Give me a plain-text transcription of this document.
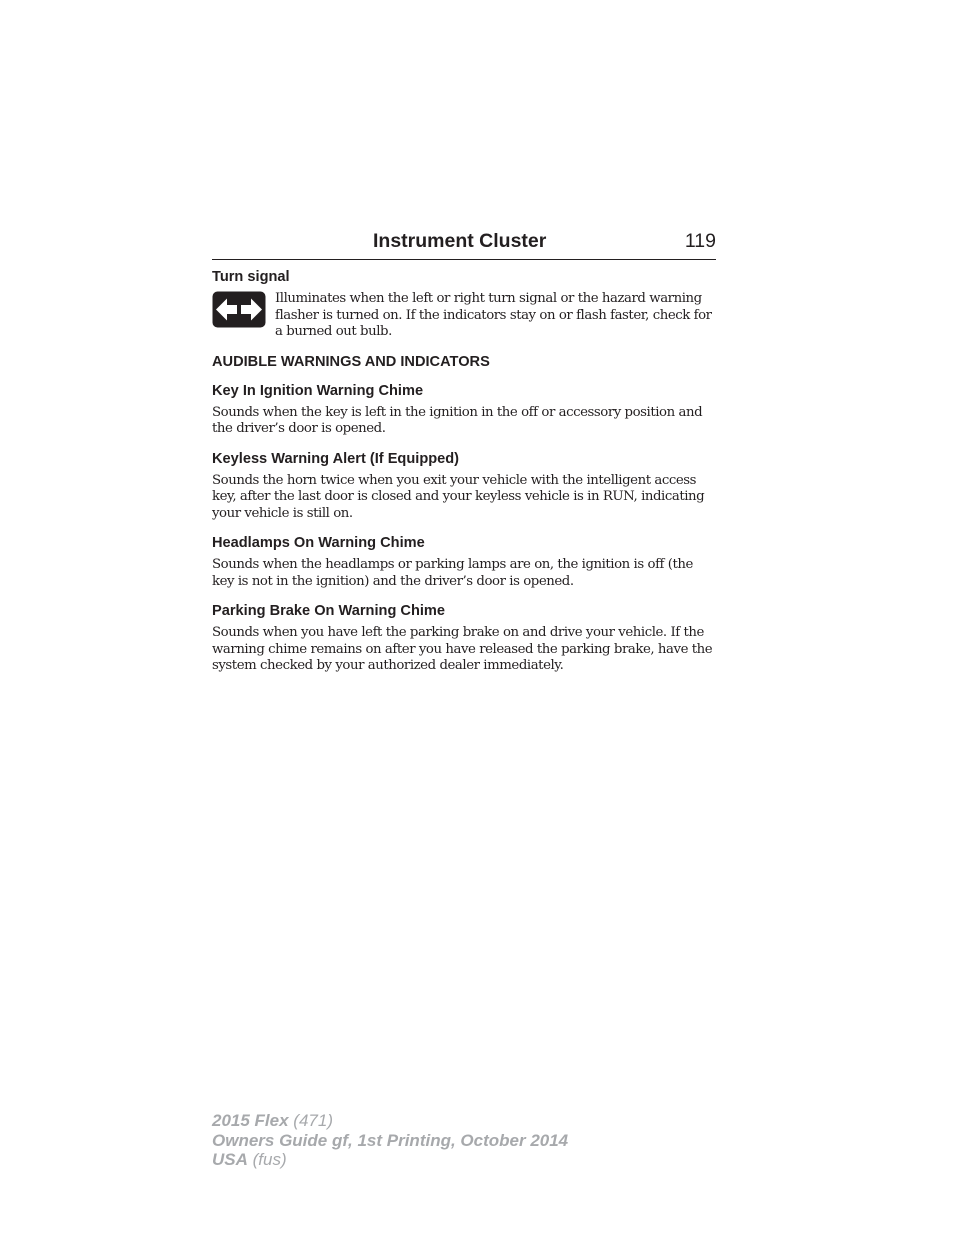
Instrument Cluster	119
Turn signal

Illuminates when the left or right turn signal or the hazard warning flasher is turned on. If the indicators stay on or flash faster, check for a burned out bulb.

AUDIBLE WARNINGS AND INDICATORS
Key In Ignition Warning Chime

Sounds when the key is left in the ignition in the off or accessory position and the driver’s door is opened.

Keyless Warning Alert (If Equipped)

Sounds the horn twice when you exit your vehicle with the intelligent access key, after the last door is closed and your keyless vehicle is in RUN, indicating your vehicle is still on.

Headlamps On Warning Chime

Sounds when the headlamps or parking lamps are on, the ignition is off (the key is not in the ignition) and the driver’s door is opened.

Parking Brake On Warning Chime

Sounds when you have left the parking brake on and drive your vehicle. If the warning chime remains on after you have released the parking brake, have the system checked by your authorized dealer immediately.

2015 Flex (471)
Owners Guide gf, 1st Printing, October 2014
USA (fus)
